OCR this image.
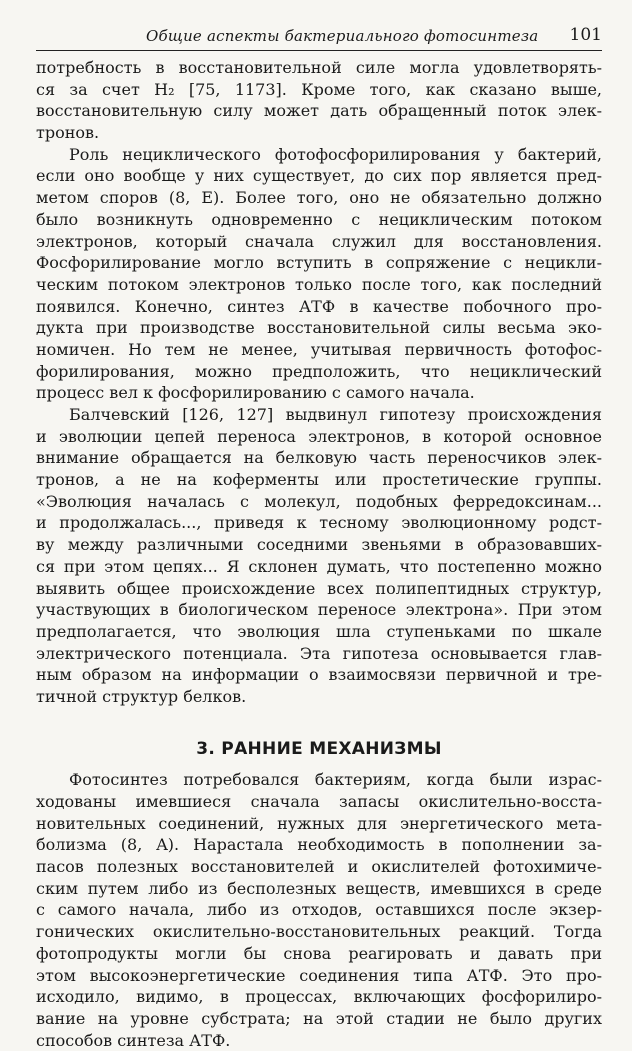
Общие аспекты бактериального фотосинтеза 101
потребность в восстановительной силе могла удовлетворять-
ся за счет H₂ [75, 1173]. Кроме того, как сказано выше,
восстановительную силу может дать обращенный поток элек-
тронов.
Роль нециклического фотофосфорилирования у бактерий,
если оно вообще у них существует, до сих пор является пред-
метом споров (8, E). Более того, оно не обязательно должно
было возникнуть одновременно с нециклическим потоком
электронов, который сначала служил для восстановления.
Фосфорилирование могло вступить в сопряжение с нецикли-
ческим потоком электронов только после того, как последний
появился. Конечно, синтез АТФ в качестве побочного про-
дукта при производстве восстановительной силы весьма эко-
номичен. Но тем не менее, учитывая первичность фотофос-
форилирования, можно предположить, что нециклический
процесс вел к фосфорилированию с самого начала.
Балчевский [126, 127] выдвинул гипотезу происхождения
и эволюции цепей переноса электронов, в которой основное
внимание обращается на белковую часть переносчиков элек-
тронов, а не на коферменты или простетические группы.
«Эволюция началась с молекул, подобных ферредоксинам...
и продолжалась..., приведя к тесному эволюционному родст-
ву между различными соседними звеньями в образовавших-
ся при этом цепях... Я склонен думать, что постепенно можно
выявить общее происхождение всех полипептидных структур,
участвующих в биологическом переносе электрона». При этом
предполагается, что эволюция шла ступеньками по шкале
электрического потенциала. Эта гипотеза основывается глав-
ным образом на информации о взаимосвязи первичной и тре-
тичной структур белков.
3. РАННИЕ МЕХАНИЗМЫ
Фотосинтез потребовался бактериям, когда были израс-
ходованы имевшиеся сначала запасы окислительно-восста-
новительных соединений, нужных для энергетического мета-
болизма (8, A). Нарастала необходимость в пополнении за-
пасов полезных восстановителей и окислителей фотохимиче-
ским путем либо из бесполезных веществ, имевшихся в среде
с самого начала, либо из отходов, оставшихся после экзер-
гонических окислительно-восстановительных реакций. Тогда
фотопродукты могли бы снова реагировать и давать при
этом высокоэнергетические соединения типа АТФ. Это про-
исходило, видимо, в процессах, включающих фосфорилиро-
вание на уровне субстрата; на этой стадии не было других
способов синтеза АТФ.
